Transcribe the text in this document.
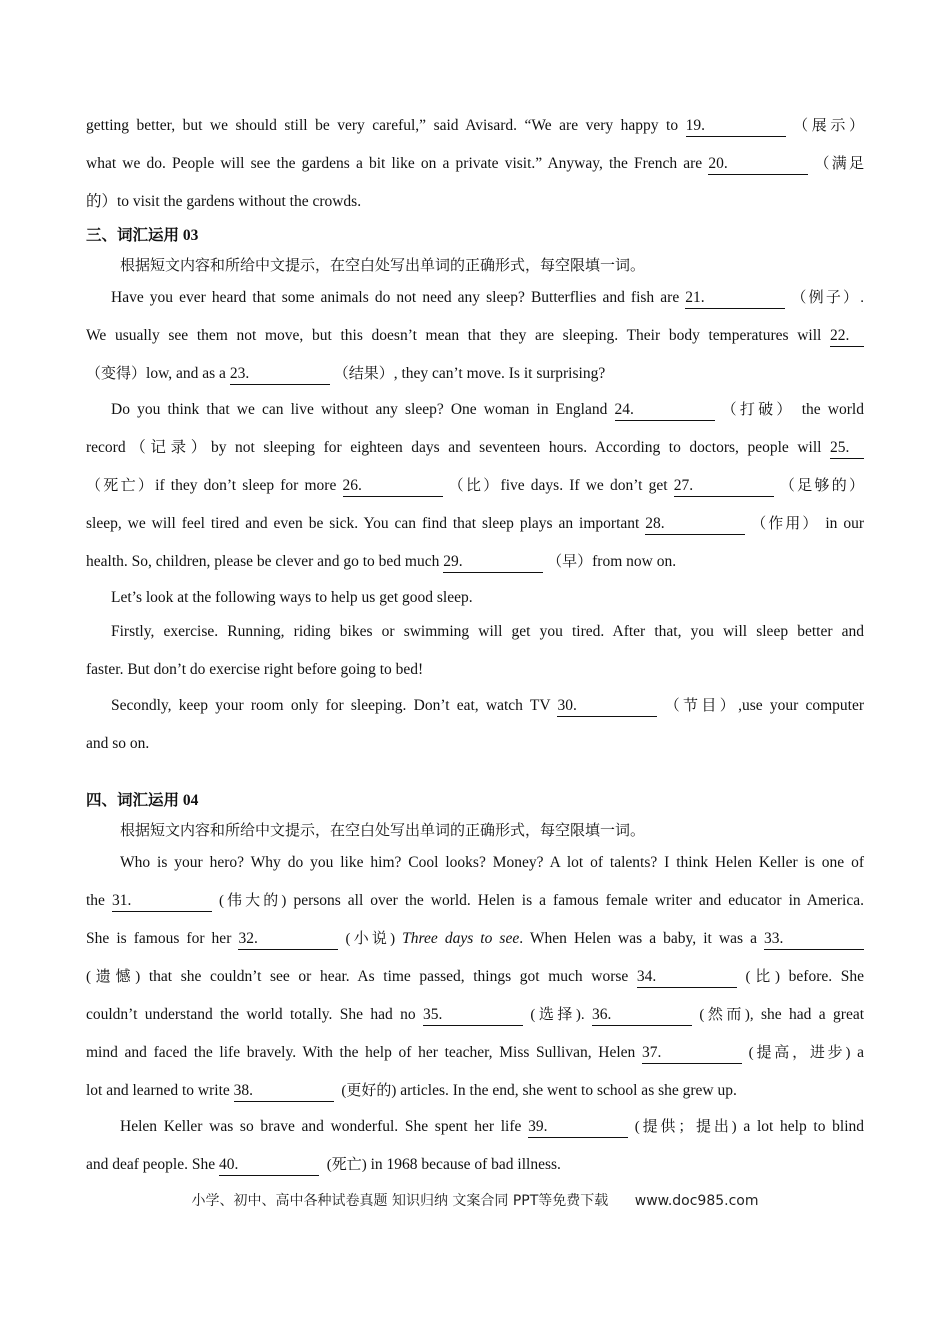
getting better, but we should still be very careful,” said Avisard. “We are very happy to 19.	（展示）
what we do. People will see the gardens a bit like on a private visit.” Anyway, the French are 20.	（满足
的）to visit the gardens without the crowds.
三、词汇运用 03
根据短文内容和所给中文提示，在空白处写出单词的正确形式，每空限填一词。
Have you ever heard that some animals do not need any sleep? Butterflies and fish are 21.	（例子）.
We usually see them not move, but this doesn’t mean that they are sleeping. Their body temperatures will 22.
（变得）low, and as a 23.	（结果）, they can’t move. Is it surprising?
Do you think that we can live without any sleep? One woman in England 24.	（打破） the world
record（记录）by not sleeping for eighteen days and seventeen hours. According to doctors, people will 25.
（死亡）if they don’t sleep for more 26.	（比）five days. If we don’t get 27.	（足够的）
sleep, we will feel tired and even be sick. You can find that sleep plays an important 28.	（作用） in our
health. So, children, please be clever and go to bed much 29.	（早）from now on.
Let’s look at the following ways to help us get good sleep.
Firstly, exercise. Running, riding bikes or swimming will get you tired. After that, you will sleep better and
faster. But don’t do exercise right before going to bed!
Secondly, keep your room only for sleeping. Don’t eat, watch TV 30.	（节目）,use your computer
and so on.
四、词汇运用 04
根据短文内容和所给中文提示，在空白处写出单词的正确形式，每空限填一词。
Who is your hero? Why do you like him? Cool looks? Money? A lot of talents? I think Helen Keller is one of
the 31.	(伟大的) persons all over the world. Helen is a famous female writer and educator in America.
She is famous for her 32.	(小说) Three days to see. When Helen was a baby, it was a 33.
(遗憾) that she couldn’t see or hear. As time passed, things got much worse 34.	(比) before. She
couldn’t understand the world totally. She had no 35.	(选择). 36.	(然而), she had a great
mind and faced the life bravely. With the help of her teacher, Miss Sullivan, Helen 37.	(提高，进步) a
lot and learned to write 38.	(更好的) articles. In the end, she went to school as she grew up.
Helen Keller was so brave and wonderful. She spent her life 39.	(提供；提出) a lot help to blind
and deaf people. She 40.	(死亡) in 1968 because of bad illness.
小学、初中、高中各种试卷真题 知识归纳 文案合同 PPT等免费下载 www.doc985.com
